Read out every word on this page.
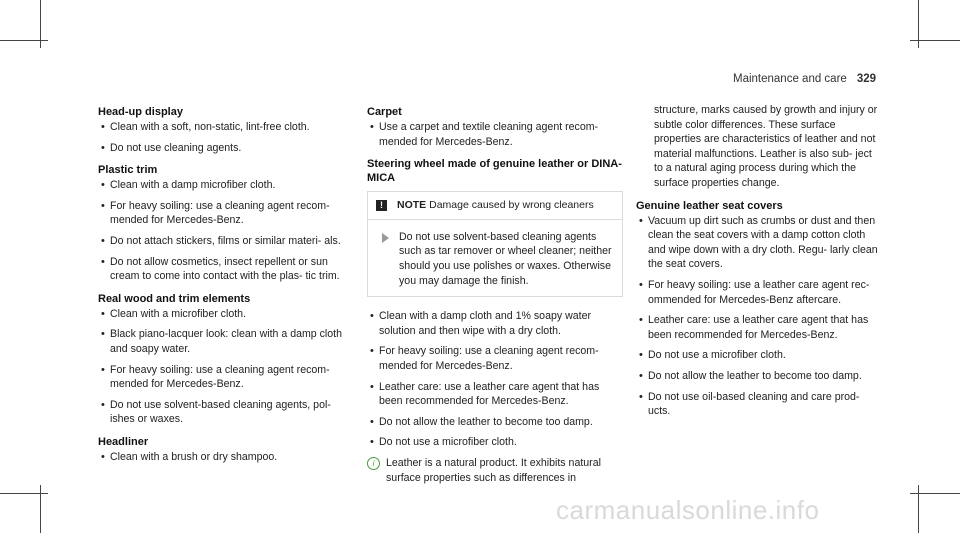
Maintenance and care 329
Head-up display
• Clean with a soft, non-static, lint-free cloth.
• Do not use cleaning agents.
Plastic trim
• Clean with a damp microfiber cloth.
• For heavy soiling: use a cleaning agent recom- mended for Mercedes-Benz.
• Do not attach stickers, films or similar materi- als.
• Do not allow cosmetics, insect repellent or sun cream to come into contact with the plas- tic trim.
Real wood and trim elements
• Clean with a microfiber cloth.
• Black piano-lacquer look: clean with a damp cloth and soapy water.
• For heavy soiling: use a cleaning agent recom- mended for Mercedes-Benz.
• Do not use solvent-based cleaning agents, pol- ishes or waxes.
Headliner
• Clean with a brush or dry shampoo.
Carpet
• Use a carpet and textile cleaning agent recom- mended for Mercedes-Benz.
Steering wheel made of genuine leather or DINA- MICA
!	NOTE Damage caused by wrong cleaners
Do not use solvent-based cleaning agents such as tar remover or wheel cleaner; neither should you use polishes or waxes. Otherwise you may damage the finish.
• Clean with a damp cloth and 1% soapy water solution and then wipe with a dry cloth.
• For heavy soiling: use a cleaning agent recom- mended for Mercedes-Benz.
• Leather care: use a leather care agent that has been recommended for Mercedes-Benz.
• Do not allow the leather to become too damp.
• Do not use a microfiber cloth.
i	Leather is a natural product. It exhibits natural surface properties such as differences in
structure, marks caused by growth and injury or subtle color differences. These surface properties are characteristics of leather and not material malfunctions. Leather is also sub- ject to a natural aging process during which the surface properties change.
Genuine leather seat covers
• Vacuum up dirt such as crumbs or dust and then clean the seat covers with a damp cotton cloth and wipe down with a dry cloth. Regu- larly clean the seat covers.
• For heavy soiling: use a leather care agent rec- ommended for Mercedes-Benz aftercare.
• Leather care: use a leather care agent that has been recommended for Mercedes-Benz.
• Do not use a microfiber cloth.
• Do not allow the leather to become too damp.
• Do not use oil-based cleaning and care prod- ucts.
carmanualsonline.info
